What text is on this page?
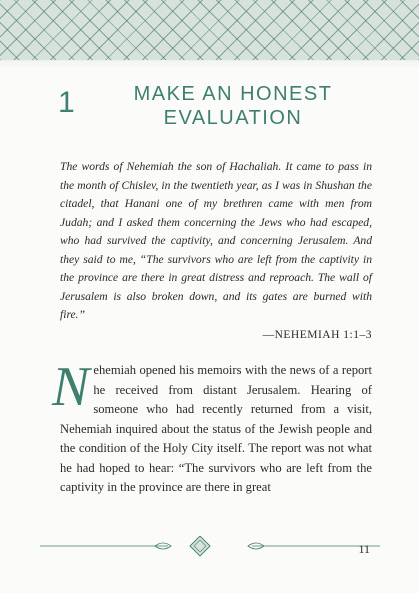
1	MAKE AN HONEST EVALUATION

The words of Nehemiah the son of Hachaliah. It came to pass in the month of Chislev, in the twentieth year, as I was in Shushan the citadel, that Hanani one of my brethren came with men from Judah; and I asked them concerning the Jews who had escaped, who had survived the captivity, and concerning Jerusalem. And they said to me, “The survivors who are left from the captivity in the province are there in great distress and reproach. The wall of Jerusalem is also broken down, and its gates are burned with fire.”

—NEHEMIAH 1:1–3
Nehemiah opened his memoirs with the news of a report he received from distant Jerusalem. Hearing of someone who had recently returned from a visit, Nehemiah inquired about the status of the Jewish people and the condition of the Holy City itself. The report was not what he had hoped to hear: “The survivors who are left from the captivity in the province are there in great
11
